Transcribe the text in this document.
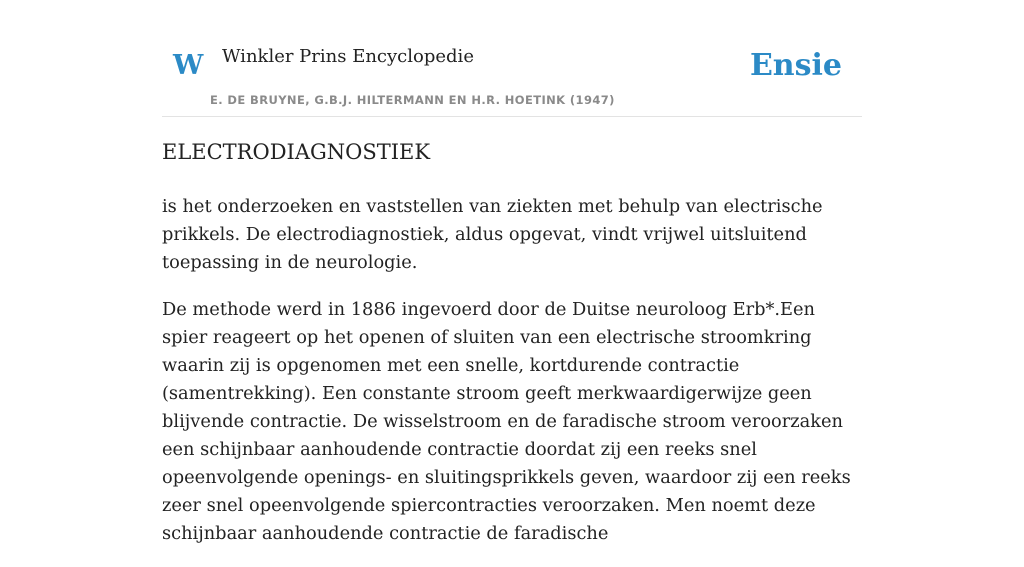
W Winkler Prins Encyclopedie
E. DE BRUYNE, G.B.J. HILTERMANN EN H.R. HOETINK (1947)
Ensie
ELECTRODIAGNOSTIEK

is het onderzoeken en vaststellen van ziekten met behulp van electrische prikkels. De electrodiagnostiek, aldus opgevat, vindt vrijwel uitsluitend toepassing in de neurologie.

De methode werd in 1886 ingevoerd door de Duitse neuroloog Erb*.Een spier reageert op het openen of sluiten van een electrische stroomkring waarin zij is opgenomen met een snelle, kortdurende contractie (samentrekking). Een constante stroom geeft merkwaardigerwijze geen blijvende contractie. De wisselstroom en de faradische stroom veroorzaken een schijnbaar aanhoudende contractie doordat zij een reeks snel opeenvolgende openings- en sluitingsprikkels geven, waardoor zij een reeks zeer snel opeenvolgende spiercontracties veroorzaken. Men noemt deze schijnbaar aanhoudende contractie de faradische
